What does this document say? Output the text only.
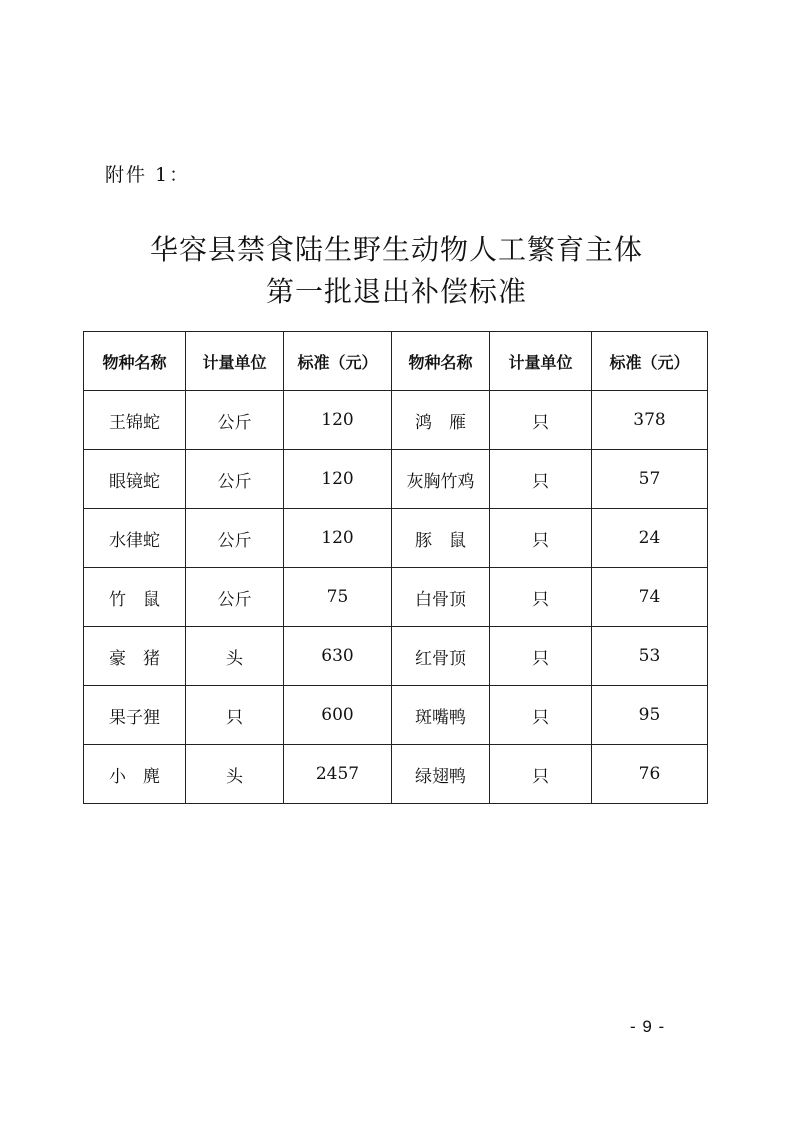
附件 1：
华容县禁食陆生野生动物人工繁育主体
第一批退出补偿标准
物种名称	计量单位	标准（元）	物种名称	计量单位	标准（元）
王锦蛇	公斤	120	鸿　雁	只	378
眼镜蛇	公斤	120	灰胸竹鸡	只	57
水律蛇	公斤	120	豚　鼠	只	24
竹　鼠	公斤	75	白骨顶	只	74
豪　猪	头	630	红骨顶	只	53
果子狸	只	600	斑嘴鸭	只	95
小　麂	头	2457	绿翅鸭	只	76
- 9 -
